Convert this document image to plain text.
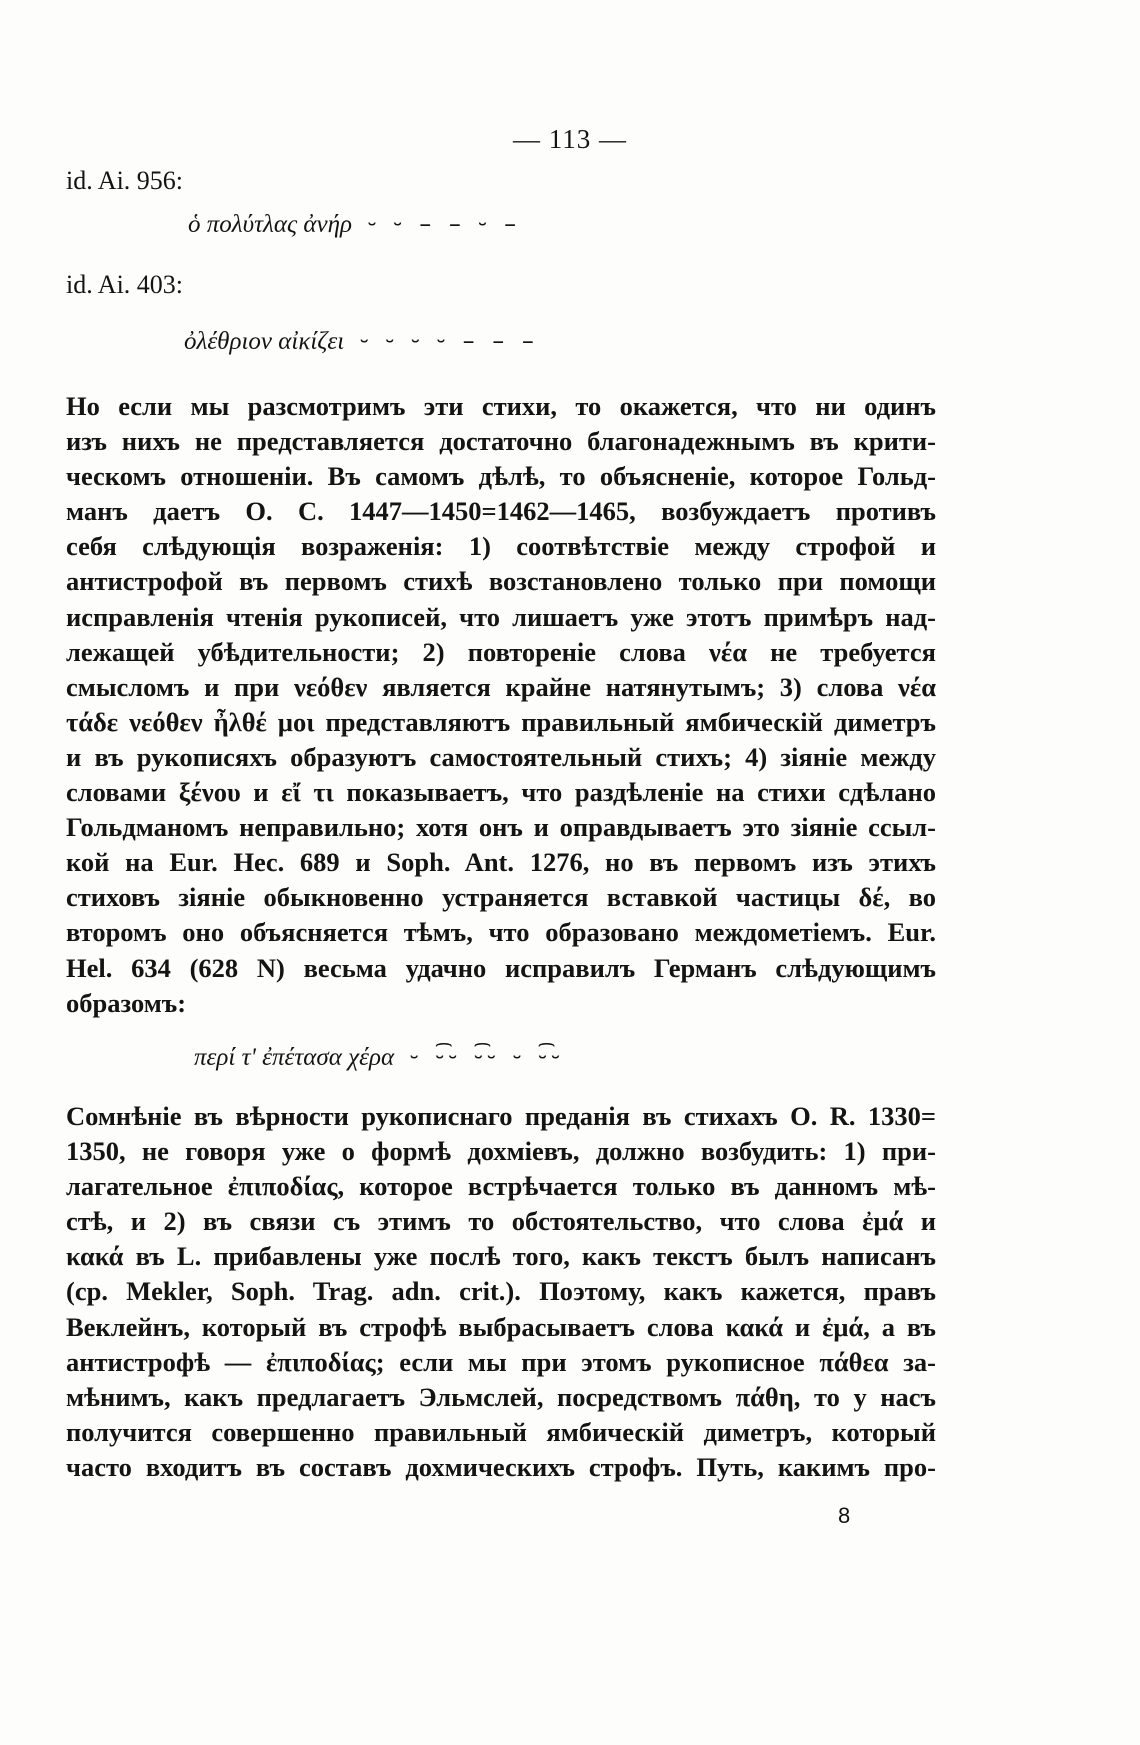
— 113 —
id. Ai. 956:
ὁ πολύτλας ἀνήρ ⏑ ⏑ – – ⏑ –
id. Ai. 403:
ὀλέθριον αἰκίζει ⏑ ⏑ ⏑ ⏑ – – –
Но если мы разсмотримъ эти стихи, то окажется, что ни одинъ
изъ нихъ не представляется достаточно благонадежнымъ въ крити-
ческомъ отношеніи. Въ самомъ дѣлѣ, то объясненіе, которое Гольд-
манъ даетъ О. С. 1447—1450=1462—1465, возбуждаетъ противъ
себя слѣдующія возраженія: 1) соотвѣтствіе между строфой и
антистрофой въ первомъ стихѣ возстановлено только при помощи
исправленія чтенія рукописей, что лишаетъ уже этотъ примѣръ над-
лежащей убѣдительности; 2) повтореніе слова νέα не требуется
смысломъ и при νεόθεν является крайне натянутымъ; 3) слова νέα
τάδε νεόθεν ἦλθέ μοι представляютъ правильный ямбическій диметръ
и въ рукописяхъ образуютъ самостоятельный стихъ; 4) зіяніе между
словами ξένου и εἴ τι показываетъ, что раздѣленіе на стихи сдѣлано
Гольдманомъ неправильно; хотя онъ и оправдываетъ это зіяніе ссыл-
кой на Eur. Hec. 689 и Soph. Ant. 1276, но въ первомъ изъ этихъ
стиховъ зіяніе обыкновенно устраняется вставкой частицы δέ, во
второмъ оно объясняется тѣмъ, что образовано междометіемъ. Eur.
Hel. 634 (628 N) весьма удачно исправилъ Германъ слѣдующимъ
образомъ:
περί τ' ἐπέτασα χέρα ⏑ ⏑͡⏑ ⏑͡⏑ ⏑ ⏑͡⏑
Сомнѣніе въ вѣрности рукописнаго преданія въ стихахъ О. R. 1330=
1350, не говоря уже о формѣ дохміевъ, должно возбудить: 1) при-
лагательное ἐπιποδίας, которое встрѣчается только въ данномъ мѣ-
стѣ, и 2) въ связи съ этимъ то обстоятельство, что слова ἐμά и
κακά въ L. прибавлены уже послѣ того, какъ текстъ былъ написанъ
(ср. Mekler, Soph. Trag. adn. crit.). Поэтому, какъ кажется, правъ
Веклейнъ, который въ строфѣ выбрасываетъ слова κακά и ἐμά, а въ
антистрофѣ — ἐπιποδίας; если мы при этомъ рукописное πάθεα за-
мѣнимъ, какъ предлагаетъ Эльмслей, посредствомъ πάθη, то у насъ
получится совершенно правильный ямбическій диметръ, который
часто входитъ въ составъ дохмическихъ строфъ. Путь, какимъ про-
8
